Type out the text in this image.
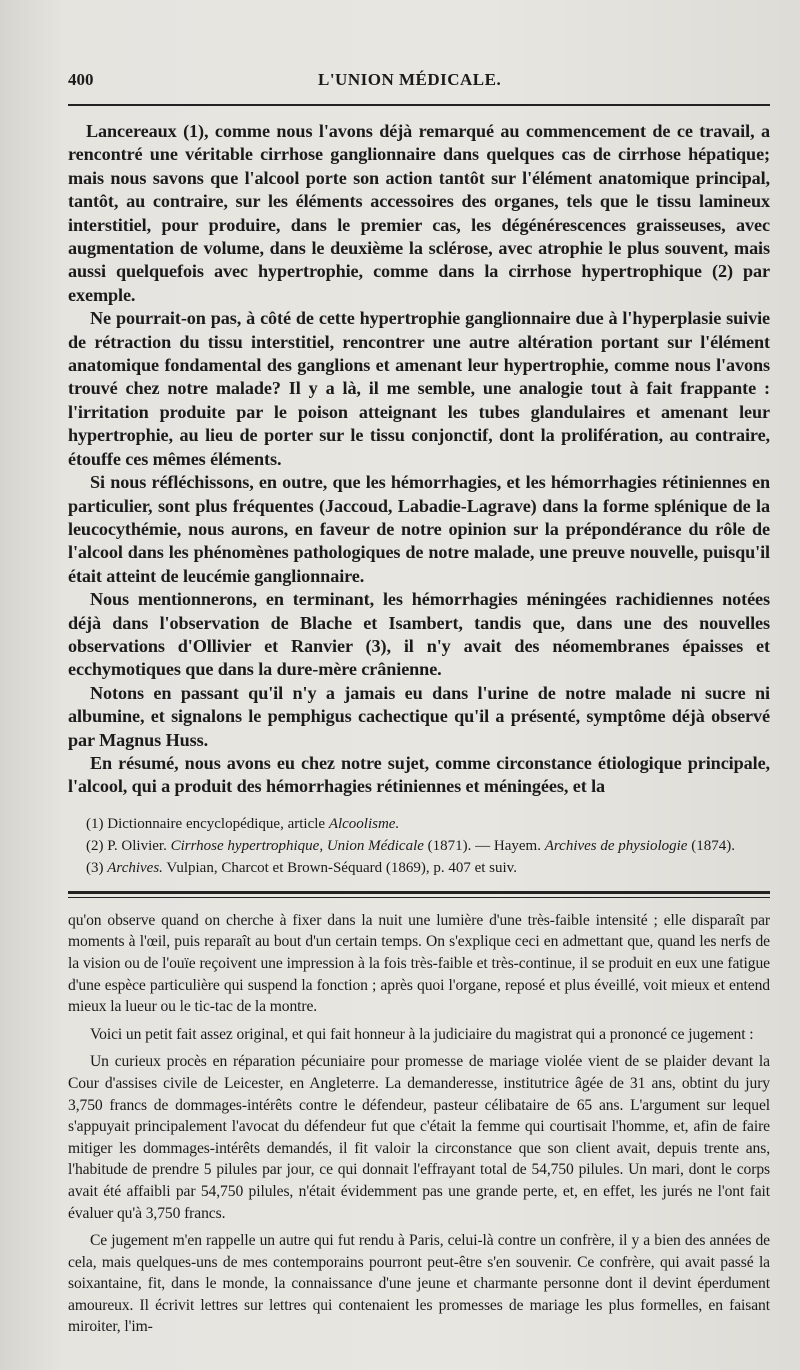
400	L'UNION MÉDICALE.

Lancereaux (1), comme nous l'avons déjà remarqué au commencement de ce travail, a rencontré une véritable cirrhose ganglionnaire dans quelques cas de cirrhose hépatique; mais nous savons que l'alcool porte son action tantôt sur l'élément anatomique principal, tantôt, au contraire, sur les éléments accessoires des organes, tels que le tissu lamineux interstitiel, pour produire, dans le premier cas, les dégénérescences graisseuses, avec augmentation de volume, dans le deuxième la sclérose, avec atrophie le plus souvent, mais aussi quelquefois avec hypertrophie, comme dans la cirrhose hypertrophique (2) par exemple.

Ne pourrait-on pas, à côté de cette hypertrophie ganglionnaire due à l'hyperplasie suivie de rétraction du tissu interstitiel, rencontrer une autre altération portant sur l'élément anatomique fondamental des ganglions et amenant leur hypertrophie, comme nous l'avons trouvé chez notre malade? Il y a là, il me semble, une analogie tout à fait frappante : l'irritation produite par le poison atteignant les tubes glandulaires et amenant leur hypertrophie, au lieu de porter sur le tissu conjonctif, dont la prolifération, au contraire, étouffe ces mêmes éléments.

Si nous réfléchissons, en outre, que les hémorrhagies, et les hémorrhagies rétiniennes en particulier, sont plus fréquentes (Jaccoud, Labadie-Lagrave) dans la forme splénique de la leucocythémie, nous aurons, en faveur de notre opinion sur la prépondérance du rôle de l'alcool dans les phénomènes pathologiques de notre malade, une preuve nouvelle, puisqu'il était atteint de leucémie ganglionnaire.

Nous mentionnerons, en terminant, les hémorrhagies méningées rachidiennes notées déjà dans l'observation de Blache et Isambert, tandis que, dans une des nouvelles observations d'Ollivier et Ranvier (3), il n'y avait des néomembranes épaisses et ecchymotiques que dans la dure-mère crânienne.

Notons en passant qu'il n'y a jamais eu dans l'urine de notre malade ni sucre ni albumine, et signalons le pemphigus cachectique qu'il a présenté, symptôme déjà observé par Magnus Huss.

En résumé, nous avons eu chez notre sujet, comme circonstance étiologique principale, l'alcool, qui a produit des hémorrhagies rétiniennes et méningées, et la

(1) Dictionnaire encyclopédique, article Alcoolisme.

(2) P. Olivier. Cirrhose hypertrophique, Union Médicale (1871). — Hayem. Archives de physiologie (1874).

(3) Archives. Vulpian, Charcot et Brown-Séquard (1869), p. 407 et suiv.

qu'on observe quand on cherche à fixer dans la nuit une lumière d'une très-faible intensité ; elle disparaît par moments à l'œil, puis reparaît au bout d'un certain temps. On s'explique ceci en admettant que, quand les nerfs de la vision ou de l'ouïe reçoivent une impression à la fois très-faible et très-continue, il se produit en eux une fatigue d'une espèce particulière qui suspend la fonction ; après quoi l'organe, reposé et plus éveillé, voit mieux et entend mieux la lueur ou le tic-tac de la montre.

Voici un petit fait assez original, et qui fait honneur à la judiciaire du magistrat qui a prononcé ce jugement :

Un curieux procès en réparation pécuniaire pour promesse de mariage violée vient de se plaider devant la Cour d'assises civile de Leicester, en Angleterre. La demanderesse, institutrice âgée de 31 ans, obtint du jury 3,750 francs de dommages-intérêts contre le défendeur, pasteur célibataire de 65 ans. L'argument sur lequel s'appuyait principalement l'avocat du défendeur fut que c'était la femme qui courtisait l'homme, et, afin de faire mitiger les dommages-intérêts demandés, il fit valoir la circonstance que son client avait, depuis trente ans, l'habitude de prendre 5 pilules par jour, ce qui donnait l'effrayant total de 54,750 pilules. Un mari, dont le corps avait été affaibli par 54,750 pilules, n'était évidemment pas une grande perte, et, en effet, les jurés ne l'ont fait évaluer qu'à 3,750 francs.

Ce jugement m'en rappelle un autre qui fut rendu à Paris, celui-là contre un confrère, il y a bien des années de cela, mais quelques-uns de mes contemporains pourront peut-être s'en souvenir. Ce confrère, qui avait passé la soixantaine, fit, dans le monde, la connaissance d'une jeune et charmante personne dont il devint éperdument amoureux. Il écrivit lettres sur lettres qui contenaient les promesses de mariage les plus formelles, en faisant miroiter, l'im-
